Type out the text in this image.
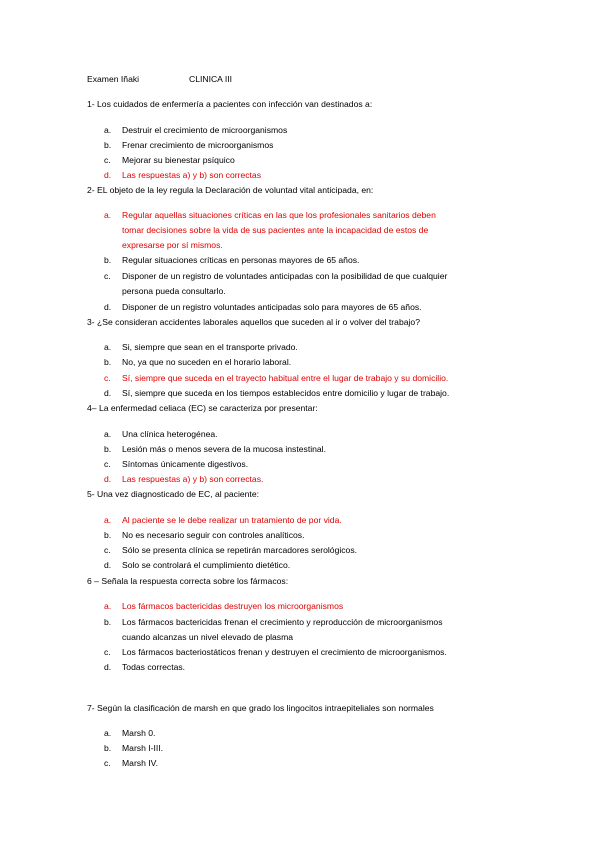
Examen Iñaki	CLINICA III
1- Los cuidados de enfermería a pacientes con infección van destinados a:
a. Destruir el crecimiento de microorganismos
b. Frenar crecimiento de microorganismos
c. Mejorar su bienestar psíquico
d. Las respuestas a) y b) son correctas
2- EL objeto de la ley regula la Declaración de voluntad vital anticipada, en:
a. Regular aquellas situaciones críticas en las que los profesionales sanitarios deben
tomar decisiones sobre la vida de sus pacientes ante la incapacidad de estos de
expresarse por sí mismos.
b. Regular situaciones críticas en personas mayores de 65 años.
c. Disponer de un registro de voluntades anticipadas con la posibilidad de que cualquier
persona pueda consultarlo.
d. Disponer de un registro voluntades anticipadas solo para mayores de 65 años.
3- ¿Se consideran accidentes laborales aquellos que suceden al ir o volver del trabajo?
a. Si, siempre que sean en el transporte privado.
b. No, ya que no suceden en el horario laboral.
c. Sí, siempre que suceda en el trayecto habitual entre el lugar de trabajo y su domicilio.
d. Sí, siempre que suceda en los tiempos establecidos entre domicilio y lugar de trabajo.
4– La enfermedad celiaca (EC) se caracteriza por presentar:
a. Una clínica heterogénea.
b. Lesión más o menos severa de la mucosa instestinal.
c. Síntomas únicamente digestivos.
d. Las respuestas a) y b) son correctas.
5- Una vez diagnosticado de EC, al paciente:
a. Al paciente se le debe realizar un tratamiento de por vida.
b. No es necesario seguir con controles analíticos.
c. Sólo se presenta clínica se repetirán marcadores serológicos.
d. Solo se controlará el cumplimiento dietético.
6 – Señala la respuesta correcta sobre los fármacos:
a. Los fármacos bactericidas destruyen los microorganismos
b. Los fármacos bactericidas frenan el crecimiento y reproducción de microorganismos
cuando alcanzas un nivel elevado de plasma
c. Los fármacos bacteriostáticos frenan y destruyen el crecimiento de microorganismos.
d. Todas correctas.
7- Según la clasificación de marsh en que grado los lingocitos intraepiteliales son normales
a. Marsh 0.
b. Marsh I-III.
c. Marsh IV.
